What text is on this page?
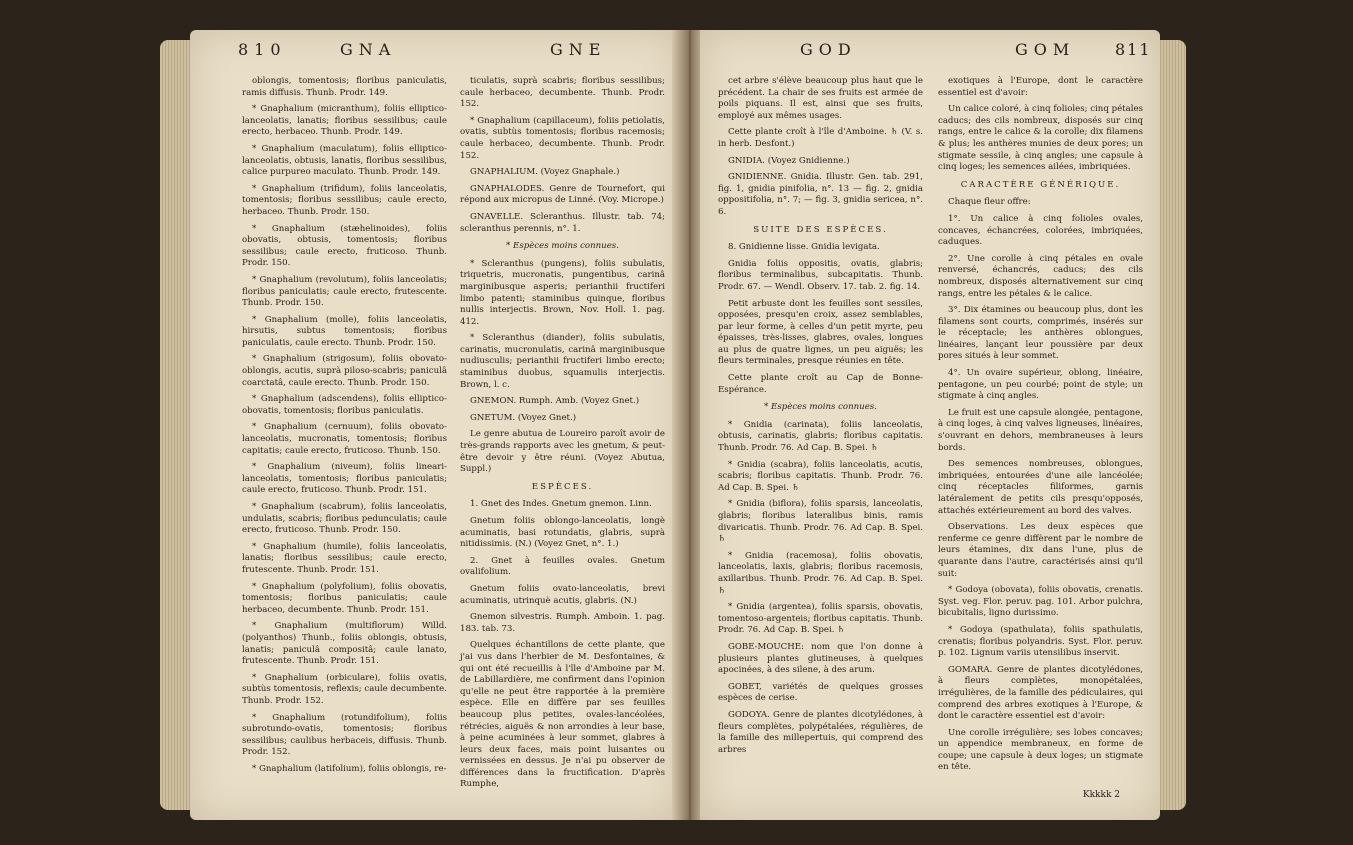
810	GNA	GNE

oblongis, tomentosis; floribus paniculatis, ramis diffusis. Thunb. Prodr. 149.

* Gnaphalium (micranthum), foliis elliptico-lanceolatis, lanatis; floribus sessilibus; caule erecto, herbaceo. Thunb. Prodr. 149.

* Gnaphalium (maculatum), foliis elliptico-lanceolatis, obtusis, lanatis, floribus sessilibus, calice purpureo maculato. Thunb. Prodr. 149.

* Gnaphalium (trifidum), foliis lanceolatis, tomentosis; floribus sessilibus; caule erecto, herbaceo. Thunb. Prodr. 150.

* Gnaphalium (stæhelinoides), foliis obovatis, obtusis, tomentosis; floribus sessilibus; caule erecto, fruticoso. Thunb. Prodr. 150.

* Gnaphalium (revolutum), foliis lanceolatis; floribus paniculatis; caule erecto, frutescente. Thunb. Prodr. 150.

* Gnaphalium (molle), foliis lanceolatis, hirsutis, subtus tomentosis; floribus paniculatis, caule erecto. Thunb. Prodr. 150.

* Gnaphalium (strigosum), foliis obovato-oblongis, acutis, suprà piloso-scabris; paniculâ coarctatâ, caule erecto. Thunb. Prodr. 150.

* Gnaphalium (adscendens), foliis elliptico-obovatis, tomentosis; floribus paniculatis.

* Gnaphalium (cernuum), foliis obovato-lanceolatis, mucronatis, tomentosis; floribus capitatis; caule erecto, fruticoso. Thunb. 150.

* Gnaphalium (niveum), foliis lineari-lanceolatis, tomentosis; floribus paniculatis; caule erecto, fruticoso. Thunb. Prodr. 151.

* Gnaphalium (scabrum), foliis lanceolatis, undulatis, scabris; floribus pedunculatis; caule erecto, fruticoso. Thunb. Prodr. 150.

* Gnaphalium (humile), foliis lanceolatis, lanatis; floribus sessilibus; caule erecto, frutescente. Thunb. Prodr. 151.

* Gnaphalium (polyfolium), foliis obovatis, tomentosis; floribus paniculatis; caule herbaceo, decumbente. Thunb. Prodr. 151.

* Gnaphalium (multiflorum) Willd. (polyanthos) Thunb., foliis oblongis, obtusis, lanatis; paniculâ compositâ; caule lanato, frutescente. Thunb. Prodr. 151.

* Gnaphalium (orbiculare), foliis ovatis, subtùs tomentosis, reflexis; caule decumbente. Thunb. Prodr. 152.

* Gnaphalium (rotundifolium), foliis subrotundo-ovatis, tomentosis; floribus sessilibus; caulibus herbaceis, diffusis. Thunb. Prodr. 152.

* Gnaphalium (latifolium), foliis oblongis, re-

ticulatis, suprà scabris; floribus sessilibus; caule herbaceo, decumbente. Thunb. Prodr. 152.

* Gnaphalium (capillaceum), foliis petiolatis, ovatis, subtùs tomentosis; floribus racemosis; caule herbaceo, decumbente. Thunb. Prodr. 152.

GNAPHALIUM. (Voyez Gnaphale.)

GNAPHALODES. Genre de Tournefort, qui répond aux micropus de Linné. (Voy. Micrope.)

GNAVELLE. Scleranthus. Illustr. tab. 74; scleranthus perennis, n°. 1.

* Espèces moins connues.

* Scleranthus (pungens), foliis subulatis, triquetris, mucronatis, pungentibus, carinâ marginibusque asperis; perianthii fructiferi limbo patenti; staminibus quinque, floribus nullis interjectis. Brown, Nov. Holl. 1. pag. 412.

* Scleranthus (diander), foliis subulatis, carinatis, mucronulatis, carinâ marginibusque nudiusculis; perianthii fructiferi limbo erecto; staminibus duobus, squamulis interjectis. Brown, l. c.

GNEMON. Rumph. Amb. (Voyez Gnet.)

GNETUM. (Voyez Gnet.)

Le genre abutua de Loureiro paroît avoir de très-grands rapports avec les gnetum, & peut-être devoir y être réuni. (Voyez Abutua, Suppl.)

ESPÈCES.

1. Gnet des Indes. Gnetum gnemon. Linn.

Gnetum foliis oblongo-lanceolatis, longè acuminatis, basi rotundatis, glabris, suprà nitidissimis. (N.) (Voyez Gnet, n°. 1.)

2. Gnet à feuilles ovales. Gnetum ovalifolium.

Gnetum foliis ovato-lanceolatis, brevi acuminatis, utrinquè acutis, glabris. (N.)

Gnemon silvestris. Rumph. Amboin. 1. pag. 183. tab. 73.

Quelques échantillons de cette plante, que j'ai vus dans l'herbier de M. Desfontaines, & qui ont été recueillis à l'île d'Amboine par M. de Labillardière, me confirment dans l'opinion qu'elle ne peut être rapportée à la première espèce. Elle en diffère par ses feuilles beaucoup plus petites, ovales-lancéolées, rétrécies, aiguës & non arrondies à leur base, à peine acuminées à leur sommet, glabres à leurs deux faces, mais point luisantes ou vernissées en dessus. Je n'ai pu observer de différences dans la fructification. D'après Rumphe,

GOD	GOM 811

cet arbre s'élève beaucoup plus haut que le précédent. La chair de ses fruits est armée de poils piquans. Il est, ainsi que ses fruits, employé aux mêmes usages.

Cette plante croît à l'île d'Amboine. ♄ (V. s. in herb. Desfont.)

GNIDIA. (Voyez Gnidienne.)

GNIDIENNE. Gnidia. Illustr. Gen. tab. 291, fig. 1, gnidia pinifolia, n°. 13 — fig. 2, gnidia oppositifolia, n°. 7; — fig. 3, gnidia sericea, n°. 6.

SUITE DES ESPÈCES.

8. Gnidienne lisse. Gnidia levigata.

Gnidia foliis oppositis, ovatis, glabris; floribus terminalibus, subcapitatis. Thunb. Prodr. 67. — Wendl. Observ. 17. tab. 2. fig. 14.

Petit arbuste dont les feuilles sont sessiles, opposées, presqu'en croix, assez semblables, par leur forme, à celles d'un petit myrte, peu épaisses, très-lisses, glabres, ovales, longues au plus de quatre lignes, un peu aiguës; les fleurs terminales, presque réunies en tête.

Cette plante croît au Cap de Bonne-Espérance.

* Espèces moins connues.

* Gnidia (carinata), foliis lanceolatis, obtusis, carinatis, glabris; floribus capitatis. Thunb. Prodr. 76. Ad Cap. B. Spei. ♄

* Gnidia (scabra), foliis lanceolatis, acutis, scabris; floribus capitatis. Thunb. Prodr. 76. Ad Cap. B. Spei. ♄

* Gnidia (biflora), foliis sparsis, lanceolatis, glabris; floribus lateralibus binis, ramis divaricatis. Thunb. Prodr. 76. Ad Cap. B. Spei. ♄

* Gnidia (racemosa), foliis obovatis, lanceolatis, laxis, glabris; floribus racemosis, axillaribus. Thunb. Prodr. 76. Ad Cap. B. Spei. ♄

* Gnidia (argentea), foliis sparsis, obovatis, tomentoso-argenteis; floribus capitatis. Thunb. Prodr. 76. Ad Cap. B. Spei. ♄

GOBE-MOUCHE: nom que l'on donne à plusieurs plantes glutineuses, à quelques apocinées, à des silene, à des arum.

GOBET, variétés de quelques grosses espèces de cerise.

GODOYA. Genre de plantes dicotylédones, à fleurs complètes, polypétalées, régulières, de la famille des millepertuis, qui comprend des arbres

exotiques à l'Europe, dont le caractère essentiel est d'avoir:

Un calice coloré, à cinq folioles; cinq pétales caducs; des cils nombreux, disposés sur cinq rangs, entre le calice & la corolle; dix filamens & plus; les anthères munies de deux pores; un stigmate sessile, à cinq angles; une capsule à cinq loges; les semences ailées, imbriquées.

CARACTÈRE GÉNÉRIQUE.

Chaque fleur offre:

1°. Un calice à cinq folioles ovales, concaves, échancrées, colorées, imbriquées, caduques.

2°. Une corolle à cinq pétales en ovale renversé, échancrés, caducs; des cils nombreux, disposés alternativement sur cinq rangs, entre les pétales & le calice.

3°. Dix étamines ou beaucoup plus, dont les filamens sont courts, comprimés, insérés sur le réceptacle; les anthères oblongues, linéaires, lançant leur poussière par deux pores situés à leur sommet.

4°. Un ovaire supérieur, oblong, linéaire, pentagone, un peu courbé; point de style; un stigmate à cinq angles.

Le fruit est une capsule alongée, pentagone, à cinq loges, à cinq valves ligneuses, linéaires, s'ouvrant en dehors, membraneuses à leurs bords.

Des semences nombreuses, oblongues, imbriquées, entourées d'une aile lancéolée; cinq réceptacles filiformes, garnis latéralement de petits cils presqu'opposés, attachés extérieurement au bord des valves.

Observations. Les deux espèces que renferme ce genre diffèrent par le nombre de leurs étamines, dix dans l'une, plus de quarante dans l'autre, caractérisés ainsi qu'il suit:

* Godoya (obovata), foliis obovatis, crenatis. Syst. veg. Flor. peruv. pag. 101. Arbor pulchra, bicubitalis, ligno durissimo.

* Godoya (spathulata), foliis spathulatis, crenatis; floribus polyandris. Syst. Flor. peruv. p. 102. Lignum variis utensilibus inservit.

GOMARA. Genre de plantes dicotylédones, à fleurs complètes, monopétalées, irrégulières, de la famille des pédiculaires, qui comprend des arbres exotiques à l'Europe, & dont le caractère essentiel est d'avoir:

Une corolle irrégulière; ses lobes concaves; un appendice membraneux, en forme de coupe; une capsule à deux loges; un stigmate en tête.

Kkkkk 2
